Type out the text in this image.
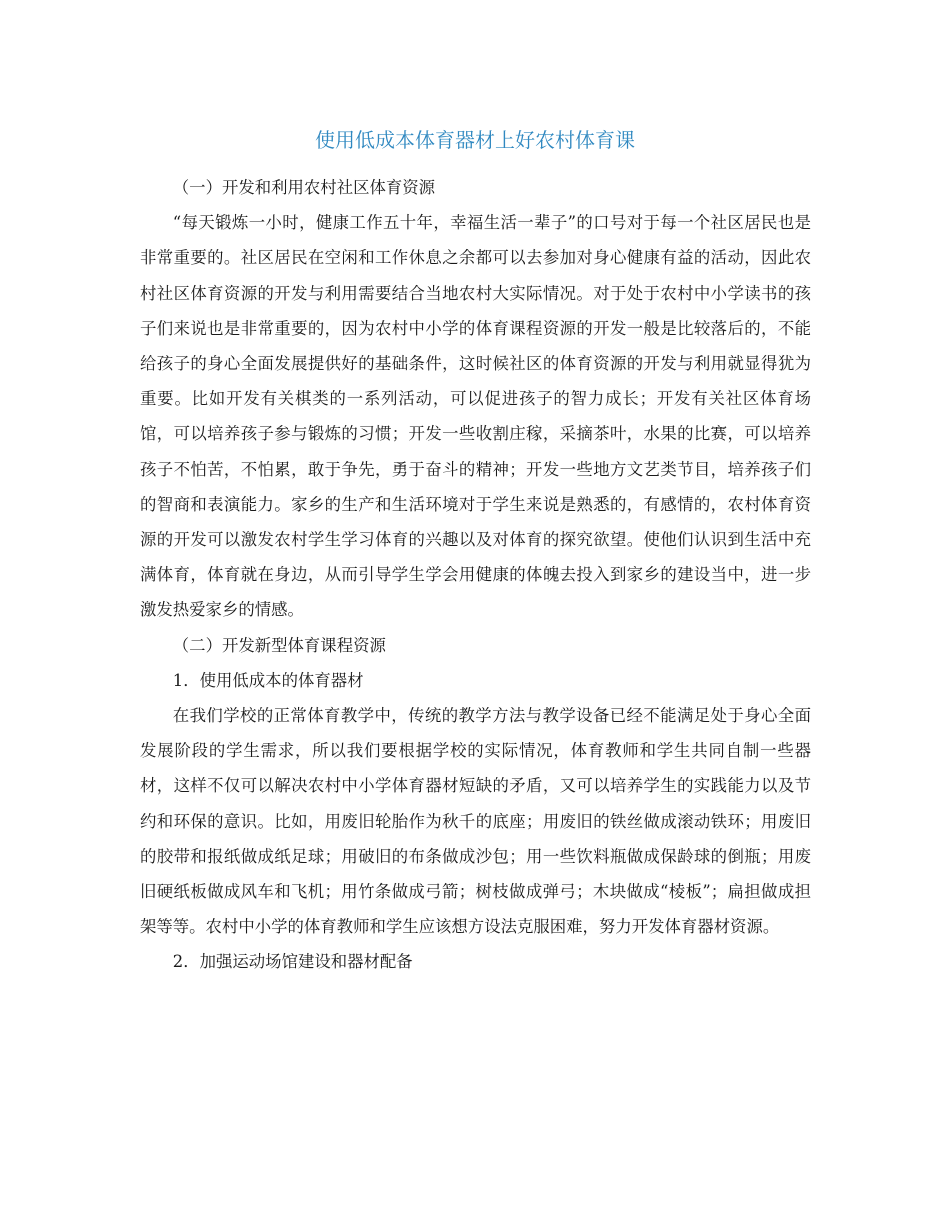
使用低成本体育器材上好农村体育课

（一）开发和利用农村社区体育资源

“每天锻炼一小时，健康工作五十年，幸福生活一辈子”的口号对于每一个社区居民也是非常重要的。社区居民在空闲和工作休息之余都可以去参加对身心健康有益的活动，因此农村社区体育资源的开发与利用需要结合当地农村大实际情况。对于处于农村中小学读书的孩子们来说也是非常重要的，因为农村中小学的体育课程资源的开发一般是比较落后的，不能给孩子的身心全面发展提供好的基础条件，这时候社区的体育资源的开发与利用就显得犹为重要。比如开发有关棋类的一系列活动，可以促进孩子的智力成长；开发有关社区体育场馆，可以培养孩子参与锻炼的习惯；开发一些收割庄稼，采摘茶叶，水果的比赛，可以培养孩子不怕苦，不怕累，敢于争先，勇于奋斗的精神；开发一些地方文艺类节目，培养孩子们的智商和表演能力。家乡的生产和生活环境对于学生来说是熟悉的，有感情的，农村体育资源的开发可以激发农村学生学习体育的兴趣以及对体育的探究欲望。使他们认识到生活中充满体育，体育就在身边，从而引导学生学会用健康的体魄去投入到家乡的建设当中，进一步激发热爱家乡的情感。

（二）开发新型体育课程资源

1．使用低成本的体育器材

在我们学校的正常体育教学中，传统的教学方法与教学设备已经不能满足处于身心全面发展阶段的学生需求，所以我们要根据学校的实际情况，体育教师和学生共同自制一些器材，这样不仅可以解决农村中小学体育器材短缺的矛盾，又可以培养学生的实践能力以及节约和环保的意识。比如，用废旧轮胎作为秋千的底座；用废旧的铁丝做成滚动铁环；用废旧的胶带和报纸做成纸足球；用破旧的布条做成沙包；用一些饮料瓶做成保龄球的倒瓶；用废旧硬纸板做成风车和飞机；用竹条做成弓箭；树枝做成弹弓；木块做成“棱板”；扁担做成担架等等。农村中小学的体育教师和学生应该想方设法克服困难，努力开发体育器材资源。

2．加强运动场馆建设和器材配备
